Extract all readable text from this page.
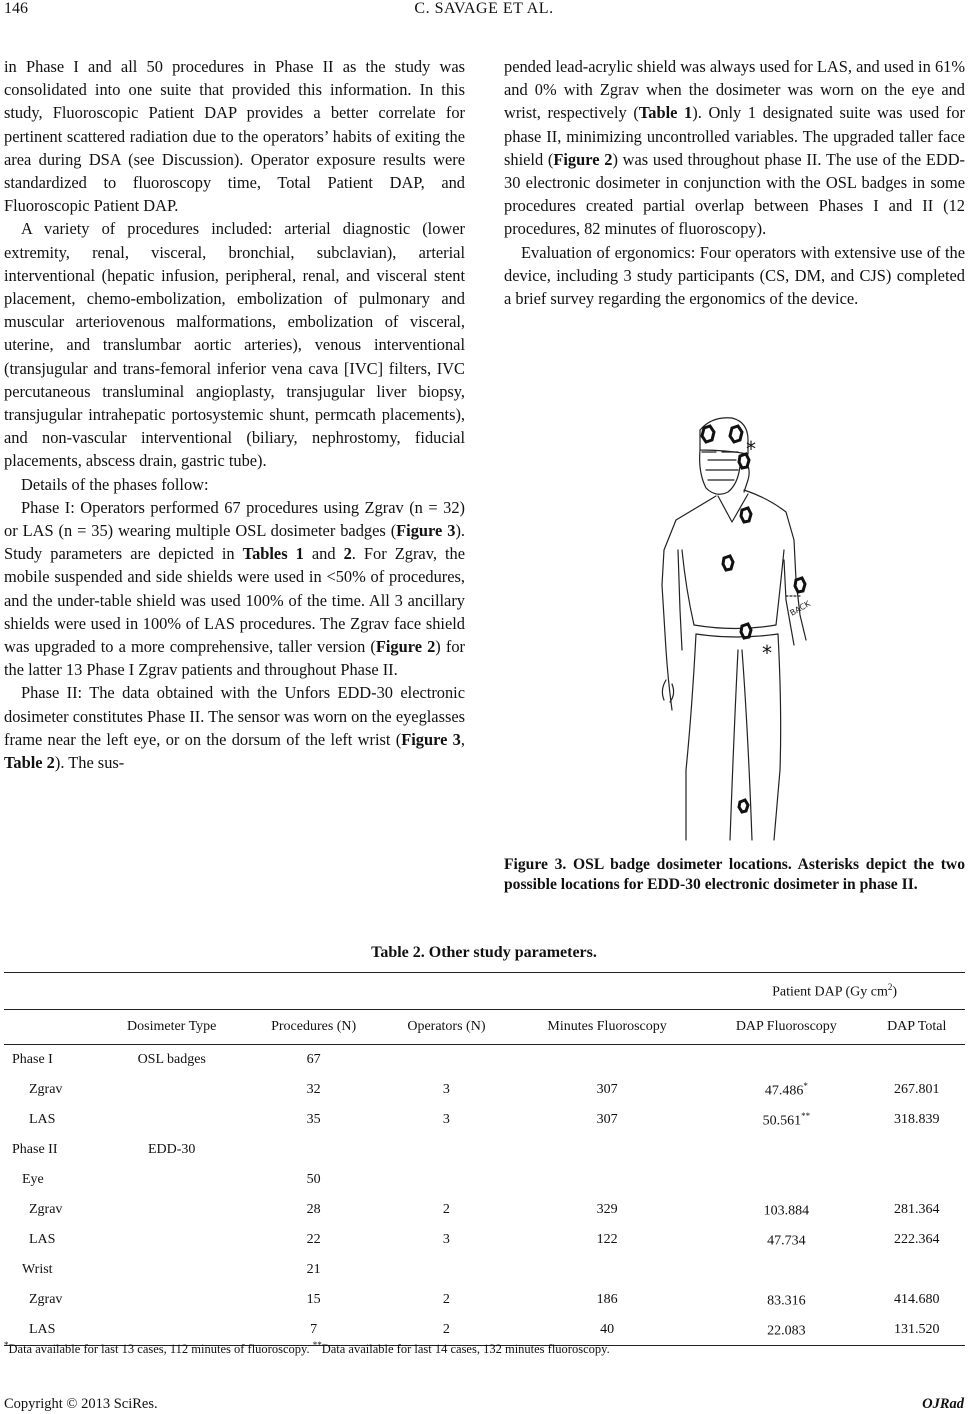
146	C. SAVAGE ET AL.

in Phase I and all 50 procedures in Phase II as the study was consolidated into one suite that provided this information. In this study, Fluoroscopic Patient DAP provides a better correlate for pertinent scattered radiation due to the operators’ habits of exiting the area during DSA (see Discussion). Operator exposure results were standardized to fluoroscopy time, Total Patient DAP, and Fluoroscopic Patient DAP.

A variety of procedures included: arterial diagnostic (lower extremity, renal, visceral, bronchial, subclavian), arterial interventional (hepatic infusion, peripheral, renal, and visceral stent placement, chemo-embolization, embolization of pulmonary and muscular arteriovenous malformations, embolization of visceral, uterine, and translumbar aortic arteries), venous interventional (transjugular and trans-femoral inferior vena cava [IVC] filters, IVC percutaneous transluminal angioplasty, transjugular liver biopsy, transjugular intrahepatic portosystemic shunt, permcath placements), and non-vascular interventional (biliary, nephrostomy, fiducial placements, abscess drain, gastric tube).

Details of the phases follow:

Phase I: Operators performed 67 procedures using Zgrav (n = 32) or LAS (n = 35) wearing multiple OSL dosimeter badges (Figure 3). Study parameters are depicted in Tables 1 and 2. For Zgrav, the mobile suspended and side shields were used in <50% of procedures, and the under-table shield was used 100% of the time. All 3 ancillary shields were used in 100% of LAS procedures. The Zgrav face shield was upgraded to a more comprehensive, taller version (Figure 2) for the latter 13 Phase I Zgrav patients and throughout Phase II.

Phase II: The data obtained with the Unfors EDD-30 electronic dosimeter constitutes Phase II. The sensor was worn on the eyeglasses frame near the left eye, or on the dorsum of the left wrist (Figure 3, Table 2). The sus-

pended lead-acrylic shield was always used for LAS, and used in 61% and 0% with Zgrav when the dosimeter was worn on the eye and wrist, respectively (Table 1). Only 1 designated suite was used for phase II, minimizing uncontrolled variables. The upgraded taller face shield (Figure 2) was used throughout phase II. The use of the EDD-30 electronic dosimeter in conjunction with the OSL badges in some procedures created partial overlap between Phases I and II (12 procedures, 82 minutes of fluoroscopy).

Evaluation of ergonomics: Four operators with extensive use of the device, including 3 study participants (CS, DM, and CJS) completed a brief survey regarding the ergonomics of the device.

*
*
BACK
Figure 3. OSL badge dosimeter locations. Asterisks depict the two possible locations for EDD-30 electronic dosimeter in phase II.
Table 2. Other study parameters.
					Patient DAP (Gy $cm^2$)	
	Dosimeter Type	Procedures (N)	Operators (N)	Minutes Fluoroscopy	DAP Fluoroscopy	DAP Total
Phase I	OSL badges	67				
Zgrav		32	3	307	47.486*	267.801
LAS		35	3	307	50.561**	318.839
Phase II	EDD-30					
Eye		50				
Zgrav		28	2	329	103.884	281.364
LAS		22	3	122	47.734	222.364
Wrist		21				
Zgrav		15	2	186	83.316	414.680
LAS		7	2	40	22.083	131.520
*Data available for last 13 cases, 112 minutes of fluoroscopy. **Data available for last 14 cases, 132 minutes fluoroscopy.
Copyright © 2013 SciRes.	OJRad
